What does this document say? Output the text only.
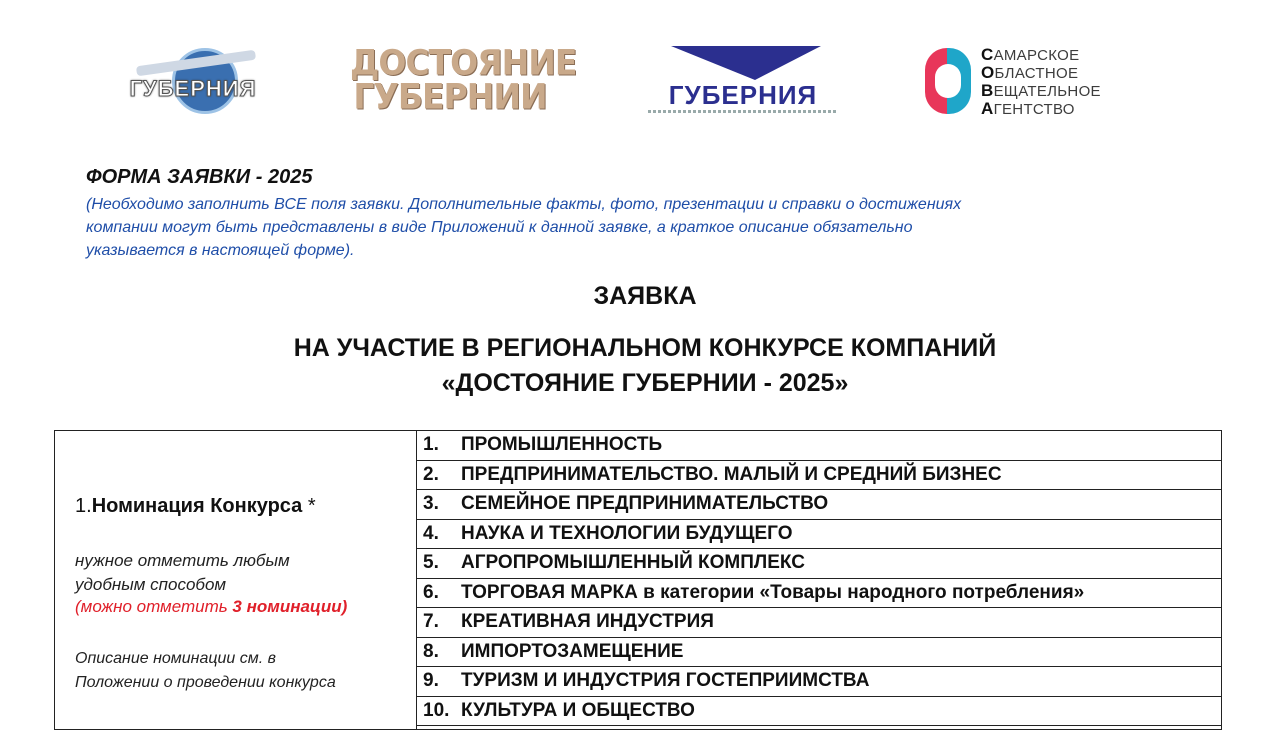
ГУБЕРНИЯ
ДОСТОЯНИЕ
ГУБЕРНИИ	ГУБЕРНИЯ
САМАРСКОЕ
ОБЛАСТНОЕ
ВЕЩАТЕЛЬНОЕ
АГЕНТСТВО
ФОРМА ЗАЯВКИ - 2025
(Необходимо заполнить ВСЕ поля заявки. Дополнительные факты, фото, презентации и справки о достижениях
компании могут быть представлены в виде Приложений к данной заявке, а краткое описание обязательно
указывается в настоящей форме).
ЗАЯВКА
НА УЧАСТИЕ В РЕГИОНАЛЬНОМ КОНКУРСЕ КОМПАНИЙ
«ДОСТОЯНИЕ ГУБЕРНИИ - 2025»
1.Номинация Конкурса *
нужное отметить любым
удобным способом
(можно отметить 3 номинации)
Описание номинации см. в
Положении о проведении конкурса
1.	ПРОМЫШЛЕННОСТЬ
2.	ПРЕДПРИНИМАТЕЛЬСТВО. МАЛЫЙ И СРЕДНИЙ БИЗНЕС
3.	СЕМЕЙНОЕ ПРЕДПРИНИМАТЕЛЬСТВО
4.	НАУКА И ТЕХНОЛОГИИ БУДУЩЕГО
5.	АГРОПРОМЫШЛЕННЫЙ КОМПЛЕКС
6.	ТОРГОВАЯ МАРКА в категории «Товары народного потребления»
7.	КРЕАТИВНАЯ ИНДУСТРИЯ
8.	ИМПОРТОЗАМЕЩЕНИЕ
9.	ТУРИЗМ И ИНДУСТРИЯ ГОСТЕПРИИМСТВА
10. КУЛЬТУРА И ОБЩЕСТВО
